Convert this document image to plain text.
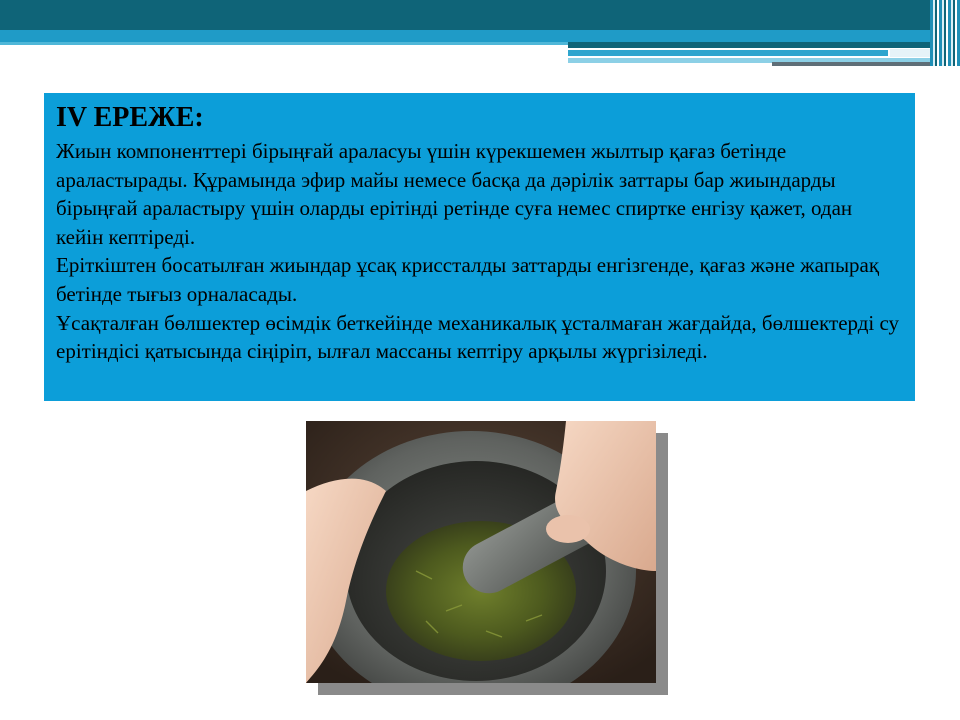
IV ЕРЕЖЕ:

Жиын компоненттері бірыңғай араласуы үшін күрекшемен жылтыр қағаз бетінде араластырады. Құрамында эфир майы немесе басқа да дәрілік заттары бар жиындарды бірыңғай араластыру үшін оларды ерітінді ретінде суға немес спиртке енгізу қажет, одан кейін кептіреді.

Еріткіштен босатылған жиындар ұсақ криссталды заттарды енгізгенде, қағаз және жапырақ бетінде тығыз орналасады.

Ұсақталған бөлшектер өсімдік беткейінде механикалық ұсталмаған жағдайда, бөлшектерді су ерітіндісі қатысында сіңіріп, ылғал массаны кептіру арқылы жүргізіледі.
